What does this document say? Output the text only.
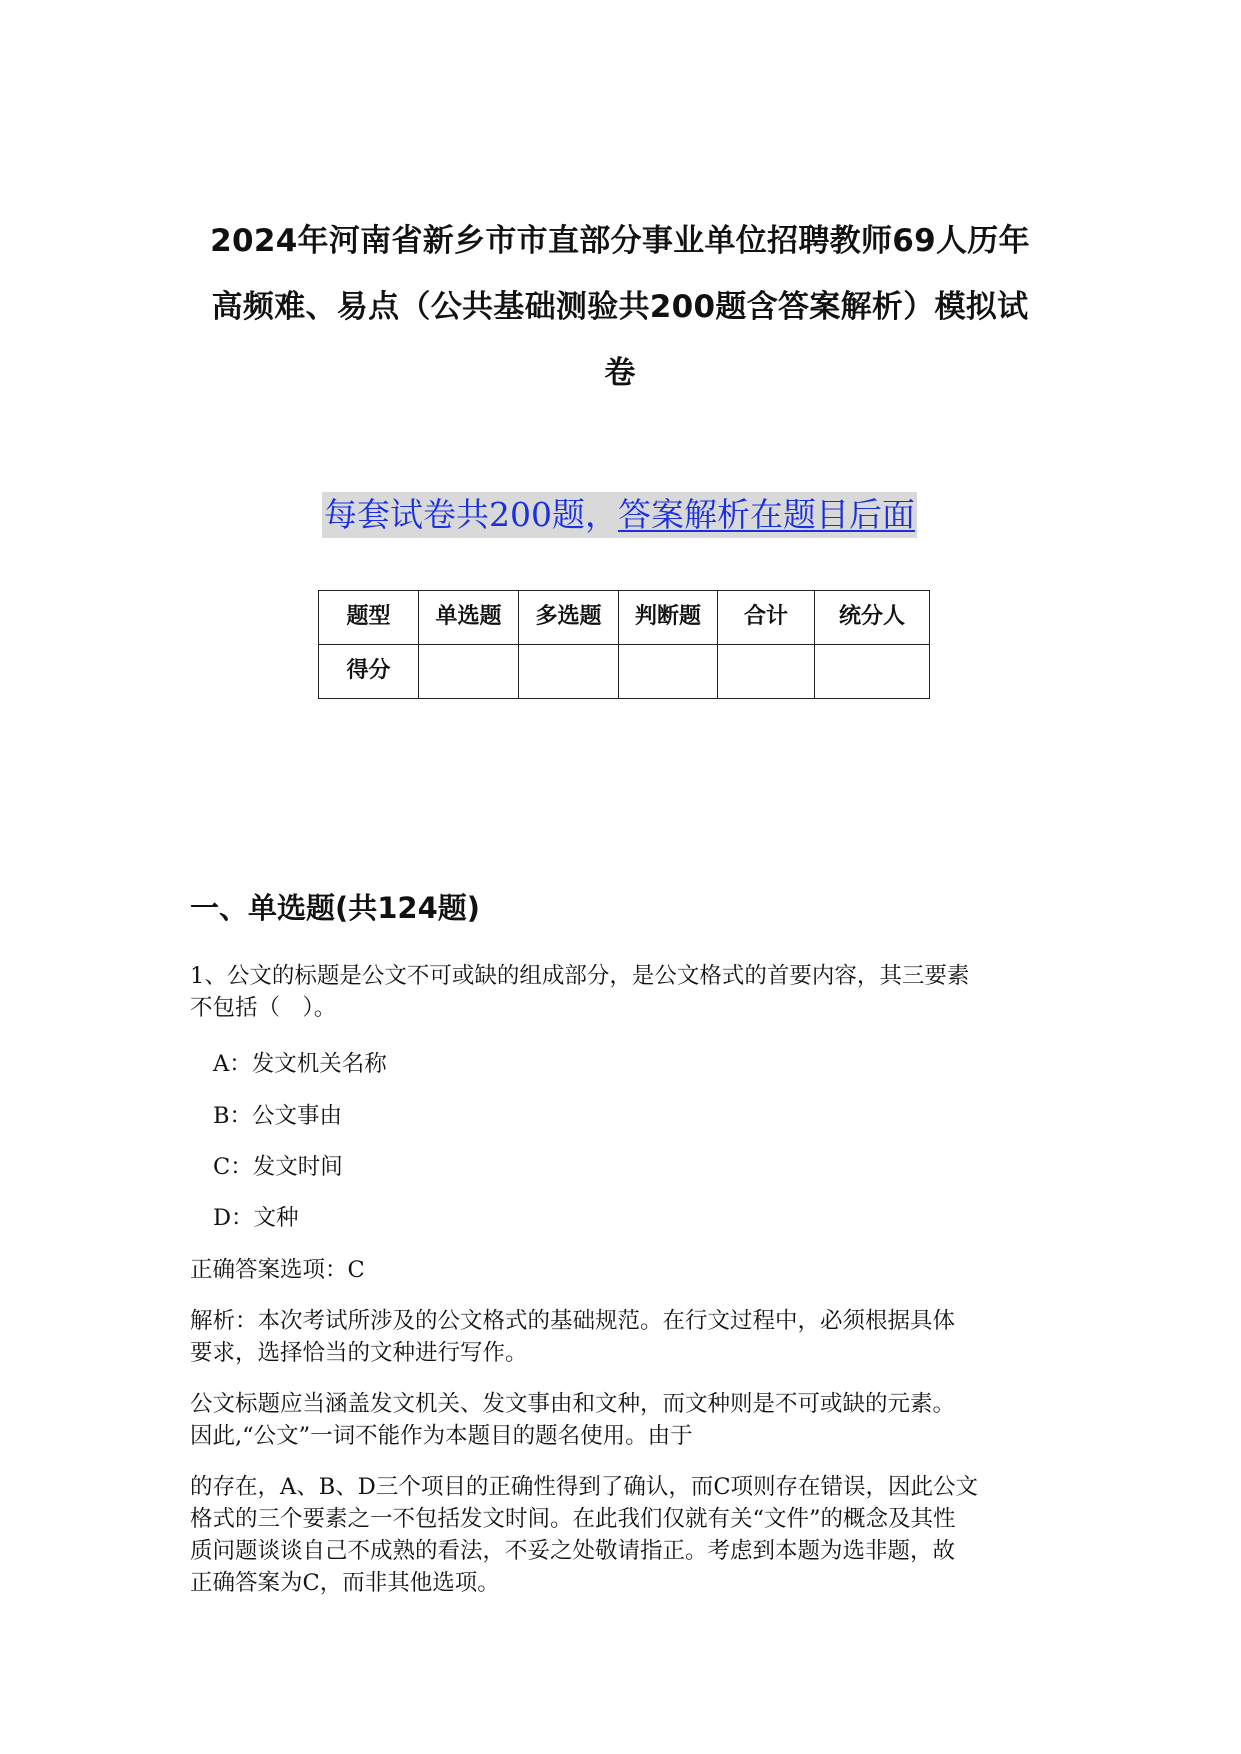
2024年河南省新乡市市直部分事业单位招聘教师69人历年
高频难、易点（公共基础测验共200题含答案解析）模拟试
卷
每套试卷共200题，答案解析在题目后面
题型	单选题	多选题	判断题	合计	统分人
得分					
一、单选题(共124题)

1、公文的标题是公文不可或缺的组成部分，是公文格式的首要内容，其三要素
不包括（　）。

A：发文机关名称

B：公文事由

C：发文时间

D：文种

正确答案选项：C

解析：本次考试所涉及的公文格式的基础规范。在行文过程中，必须根据具体
要求，选择恰当的文种进行写作。

公文标题应当涵盖发文机关、发文事由和文种，而文种则是不可或缺的元素。
因此,“公文”一词不能作为本题目的题名使用。由于

的存在，A、B、D三个项目的正确性得到了确认，而C项则存在错误，因此公文
格式的三个要素之一不包括发文时间。在此我们仅就有关“文件”的概念及其性
质问题谈谈自己不成熟的看法，不妥之处敬请指正。考虑到本题为选非题，故
正确答案为C，而非其他选项。
